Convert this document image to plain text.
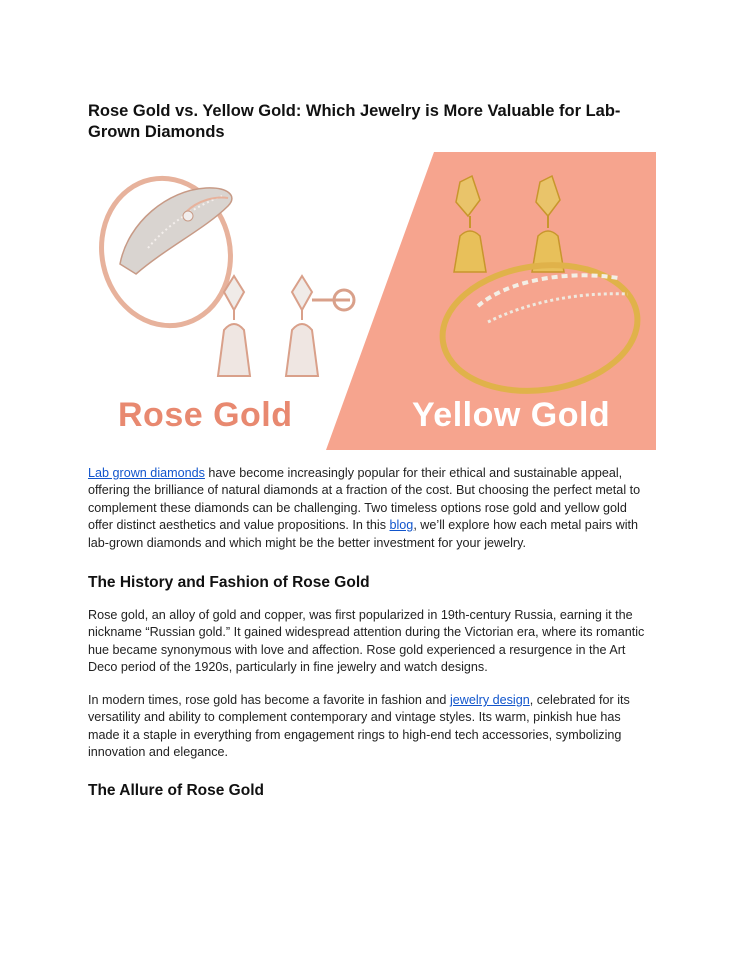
Rose Gold vs. Yellow Gold: Which Jewelry is More Valuable for Lab-Grown Diamonds
Rose Gold	Yellow Gold

Lab grown diamonds have become increasingly popular for their ethical and sustainable appeal, offering the brilliance of natural diamonds at a fraction of the cost. But choosing the perfect metal to complement these diamonds can be challenging. Two timeless options rose gold and yellow gold offer distinct aesthetics and value propositions. In this blog, we’ll explore how each metal pairs with lab-grown diamonds and which might be the better investment for your jewelry.

The History and Fashion of Rose Gold

Rose gold, an alloy of gold and copper, was first popularized in 19th-century Russia, earning it the nickname “Russian gold.” It gained widespread attention during the Victorian era, where its romantic hue became synonymous with love and affection. Rose gold experienced a resurgence in the Art Deco period of the 1920s, particularly in fine jewelry and watch designs.

In modern times, rose gold has become a favorite in fashion and jewelry design, celebrated for its versatility and ability to complement contemporary and vintage styles. Its warm, pinkish hue has made it a staple in everything from engagement rings to high-end tech accessories, symbolizing innovation and elegance.

The Allure of Rose Gold
